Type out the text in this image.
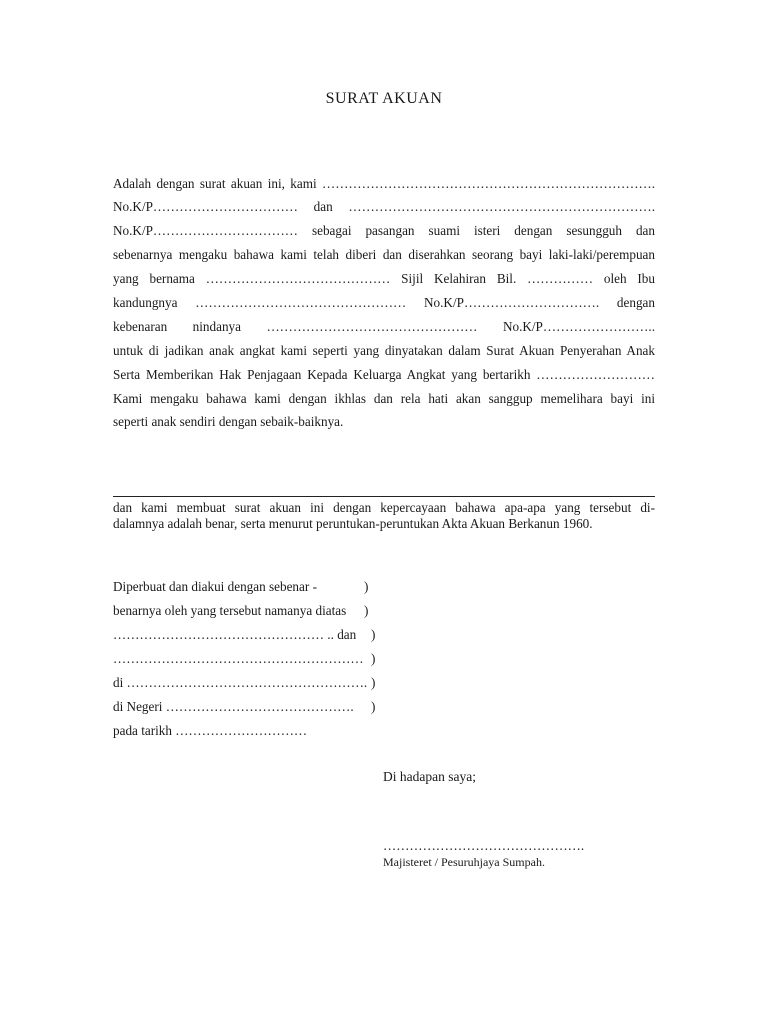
SURAT AKUAN
Adalah dengan surat akuan ini, kami ………………………………………………………………….
No.K/P…………………………… dan …………………………………………………………….
No.K/P…………………………… sebagai pasangan suami isteri dengan sesungguh dan
sebenarnya mengaku bahawa kami telah diberi dan diserahkan seorang bayi laki-laki/perempuan
yang bernama …………………………………… Sijil Kelahiran Bil. …………… oleh Ibu
kandungnya ………………………………………… No.K/P…………………………. dengan
kebenaran nindanya ………………………………………… No.K/P……………………..
untuk di jadikan anak angkat kami seperti yang dinyatakan dalam Surat Akuan Penyerahan Anak
Serta Memberikan Hak Penjagaan Kepada Keluarga Angkat yang bertarikh ………………………
Kami mengaku bahawa kami dengan ikhlas dan rela hati akan sanggup memelihara bayi ini
seperti anak sendiri dengan sebaik-baiknya.
dan kami membuat surat akuan ini dengan kepercayaan bahawa apa-apa yang tersebut di-
dalamnya adalah benar, serta menurut peruntukan-peruntukan Akta Akuan Berkanun 1960.
Diperbuat dan diakui dengan sebenar -	)
benarnya oleh yang tersebut namanya diatas )
………………………………………… .. dan )
………………………………………………… )
di ………………………………………………. )
di Negeri ……………………………………. )
pada tarikh …………………………
Di hadapan saya;
……………………………………….
Majisteret / Pesuruhjaya Sumpah.
